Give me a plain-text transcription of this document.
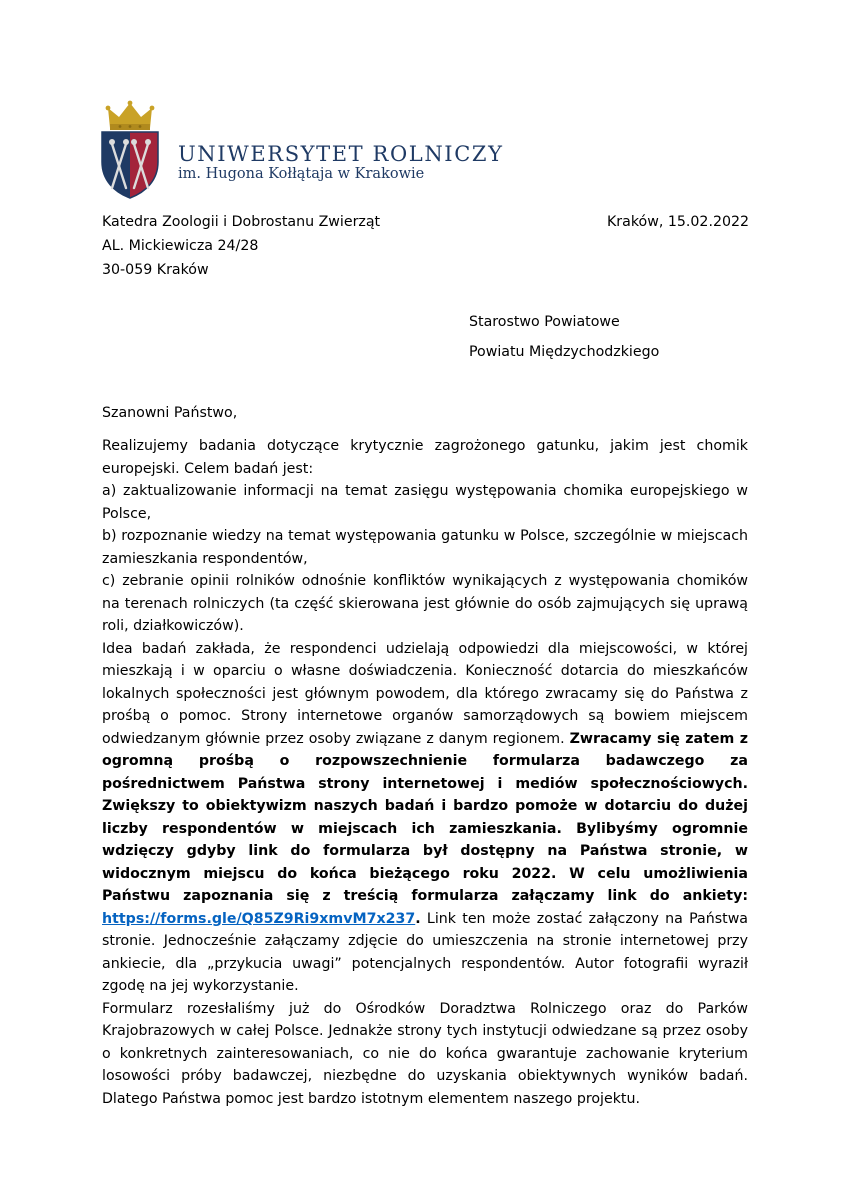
UNIWERSYTET ROLNICZY
im. Hugona Kołłątaja w Krakowie
Katedra Zoologii i Dobrostanu Zwierząt
AL. Mickiewicza 24/28
30-059 Kraków
Kraków, 15.02.2022
Starostwo Powiatowe
Powiatu Międzychodzkiego
Szanowni Państwo,

Realizujemy badania dotyczące krytycznie zagrożonego gatunku, jakim jest chomik europejski. Celem badań jest:

a) zaktualizowanie informacji na temat zasięgu występowania chomika europejskiego w Polsce,

b) rozpoznanie wiedzy na temat występowania gatunku w Polsce, szczególnie w miejscach zamieszkania respondentów,

c) zebranie opinii rolników odnośnie konfliktów wynikających z występowania chomików na terenach rolniczych (ta część skierowana jest głównie do osób zajmujących się uprawą roli, działkowiczów).

Idea badań zakłada, że respondenci udzielają odpowiedzi dla miejscowości, w której mieszkają i w oparciu o własne doświadczenia. Konieczność dotarcia do mieszkańców lokalnych społeczności jest głównym powodem, dla którego zwracamy się do Państwa z prośbą o pomoc. Strony internetowe organów samorządowych są bowiem miejscem odwiedzanym głównie przez osoby związane z danym regionem. Zwracamy się zatem z ogromną prośbą o rozpowszechnienie formularza badawczego za pośrednictwem Państwa strony internetowej i mediów społecznościowych. Zwiększy to obiektywizm naszych badań i bardzo pomoże w dotarciu do dużej liczby respondentów w miejscach ich zamieszkania. Bylibyśmy ogromnie wdzięczy gdyby link do formularza był dostępny na Państwa stronie, w widocznym miejscu do końca bieżącego roku 2022. W celu umożliwienia Państwu zapoznania się z treścią formularza załączamy link do ankiety: https://forms.gle/Q85Z9Ri9xmvM7x237. Link ten może zostać załączony na Państwa stronie. Jednocześnie załączamy zdjęcie do umieszczenia na stronie internetowej przy ankiecie, dla „przykucia uwagi” potencjalnych respondentów. Autor fotografii wyraził zgodę na jej wykorzystanie.

Formularz rozesłaliśmy już do Ośrodków Doradztwa Rolniczego oraz do Parków Krajobrazowych w całej Polsce. Jednakże strony tych instytucji odwiedzane są przez osoby o konkretnych zainteresowaniach, co nie do końca gwarantuje zachowanie kryterium losowości próby badawczej, niezbędne do uzyskania obiektywnych wyników badań. Dlatego Państwa pomoc jest bardzo istotnym elementem naszego projektu.
